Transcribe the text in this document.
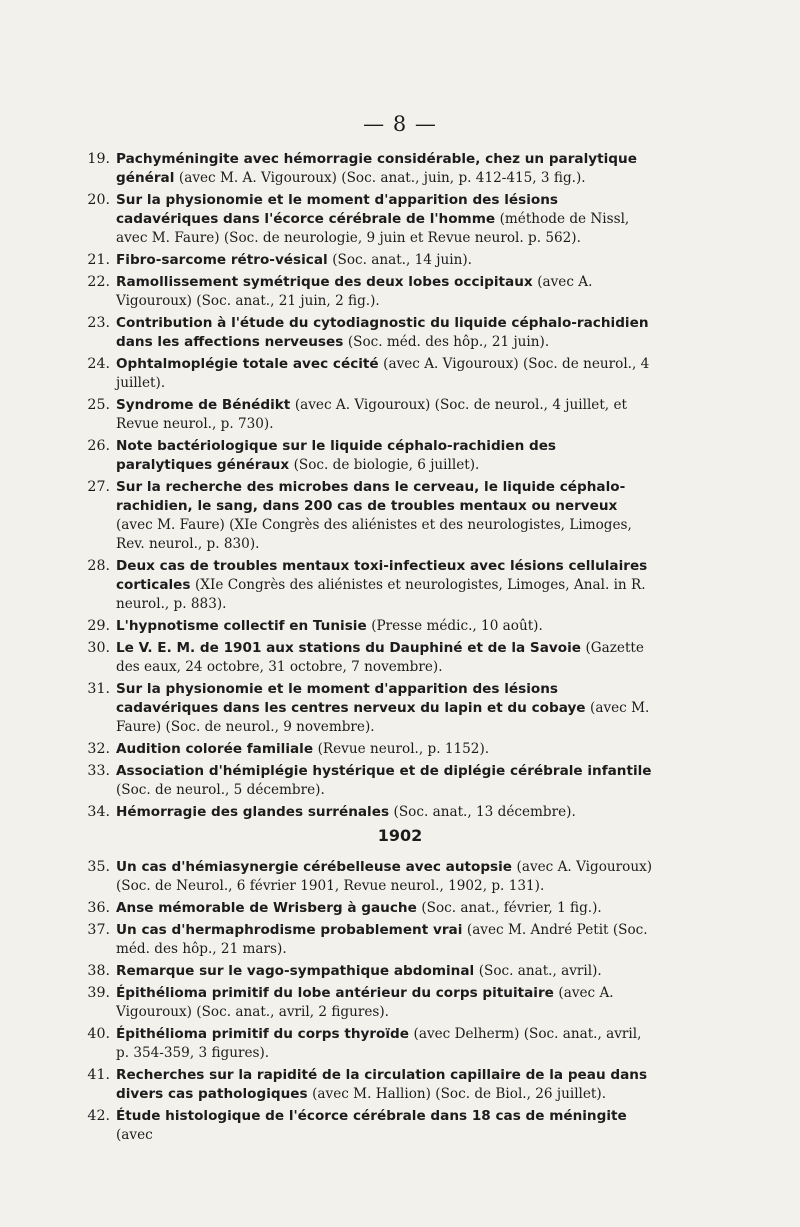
— 8 —
19. Pachyméningite avec hémorragie considérable, chez un paralytique général (avec M. A. Vigouroux) (Soc. anat., juin, p. 412-415, 3 fig.).
20. Sur la physionomie et le moment d'apparition des lésions cadavériques dans l'écorce cérébrale de l'homme (méthode de Nissl, avec M. Faure) (Soc. de neurologie, 9 juin et Revue neurol. p. 562).
21. Fibro-sarcome rétro-vésical (Soc. anat., 14 juin).
22. Ramollissement symétrique des deux lobes occipitaux (avec A. Vigouroux) (Soc. anat., 21 juin, 2 fig.).
23. Contribution à l'étude du cytodiagnostic du liquide céphalo-rachidien dans les affections nerveuses (Soc. méd. des hôp., 21 juin).
24. Ophtalmoplégie totale avec cécité (avec A. Vigouroux) (Soc. de neurol., 4 juillet).
25. Syndrome de Bénédikt (avec A. Vigouroux) (Soc. de neurol., 4 juillet, et Revue neurol., p. 730).
26. Note bactériologique sur le liquide céphalo-rachidien des paralytiques généraux (Soc. de biologie, 6 juillet).
27. Sur la recherche des microbes dans le cerveau, le liquide céphalo-rachidien, le sang, dans 200 cas de troubles mentaux ou nerveux (avec M. Faure) (XIe Congrès des aliénistes et des neurologistes, Limoges, Rev. neurol., p. 830).
28. Deux cas de troubles mentaux toxi-infectieux avec lésions cellulaires corticales (XIe Congrès des aliénistes et neurologistes, Limoges, Anal. in R. neurol., p. 883).
29. L'hypnotisme collectif en Tunisie (Presse médic., 10 août).
30. Le V. E. M. de 1901 aux stations du Dauphiné et de la Savoie (Gazette des eaux, 24 octobre, 31 octobre, 7 novembre).
31. Sur la physionomie et le moment d'apparition des lésions cadavériques dans les centres nerveux du lapin et du cobaye (avec M. Faure) (Soc. de neurol., 9 novembre).
32. Audition colorée familiale (Revue neurol., p. 1152).
33. Association d'hémiplégie hystérique et de diplégie cérébrale infantile (Soc. de neurol., 5 décembre).
34. Hémorragie des glandes surrénales (Soc. anat., 13 décembre).
1902
35. Un cas d'hémiasynergie cérébelleuse avec autopsie (avec A. Vigouroux) (Soc. de Neurol., 6 février 1901, Revue neurol., 1902, p. 131).
36. Anse mémorable de Wrisberg à gauche (Soc. anat., février, 1 fig.).
37. Un cas d'hermaphrodisme probablement vrai (avec M. André Petit (Soc. méd. des hôp., 21 mars).
38. Remarque sur le vago-sympathique abdominal (Soc. anat., avril).
39. Épithélioma primitif du lobe antérieur du corps pituitaire (avec A. Vigouroux) (Soc. anat., avril, 2 figures).
40. Épithélioma primitif du corps thyroïde (avec Delherm) (Soc. anat., avril, p. 354-359, 3 figures).
41. Recherches sur la rapidité de la circulation capillaire de la peau dans divers cas pathologiques (avec M. Hallion) (Soc. de Biol., 26 juillet).
42. Étude histologique de l'écorce cérébrale dans 18 cas de méningite (avec
